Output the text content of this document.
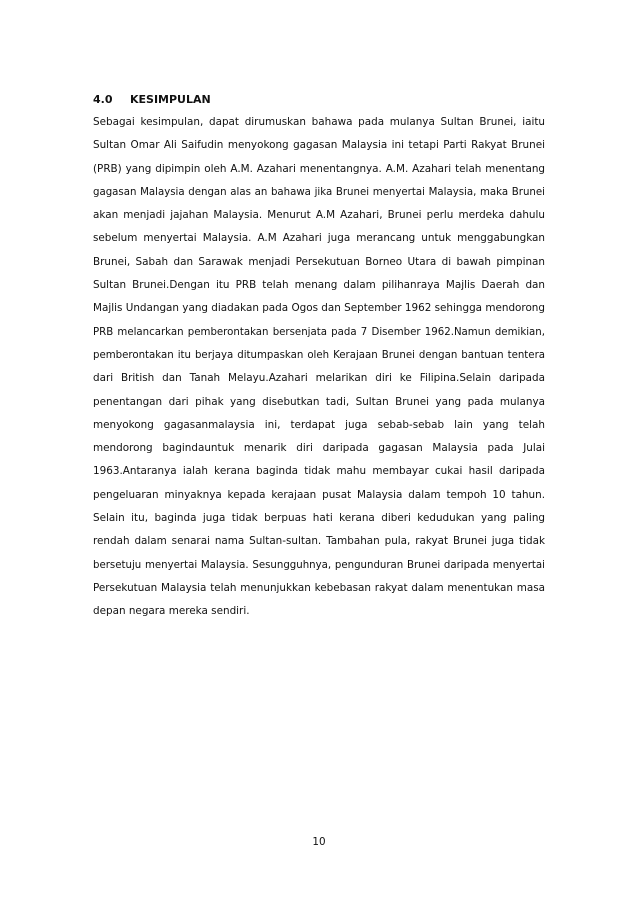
4.0 KESIMPULAN
Sebagai kesimpulan, dapat dirumuskan bahawa pada mulanya Sultan Brunei, iaitu
Sultan Omar Ali Saifudin menyokong gagasan Malaysia ini tetapi Parti Rakyat Brunei
(PRB) yang dipimpin oleh A.M. Azahari menentangnya. A.M. Azahari telah menentang
gagasan Malaysia dengan alas an bahawa jika Brunei menyertai Malaysia, maka Brunei
akan menjadi jajahan Malaysia. Menurut A.M Azahari, Brunei perlu merdeka dahulu
sebelum menyertai Malaysia. A.M Azahari juga merancang untuk menggabungkan
Brunei, Sabah dan Sarawak menjadi Persekutuan Borneo Utara di bawah pimpinan
Sultan Brunei.Dengan itu PRB telah menang dalam pilihanraya Majlis Daerah dan
Majlis Undangan yang diadakan pada Ogos dan September 1962 sehingga mendorong
PRB melancarkan pemberontakan bersenjata pada 7 Disember 1962.Namun demikian,
pemberontakan itu berjaya ditumpaskan oleh Kerajaan Brunei dengan bantuan tentera
dari British dan Tanah Melayu.Azahari melarikan diri ke Filipina.Selain daripada
penentangan dari pihak yang disebutkan tadi, Sultan Brunei yang pada mulanya
menyokong gagasanmalaysia ini, terdapat juga sebab-sebab lain yang telah
mendorong bagindauntuk menarik diri daripada gagasan Malaysia pada Julai
1963.Antaranya ialah kerana baginda tidak mahu membayar cukai hasil daripada
pengeluaran minyaknya kepada kerajaan pusat Malaysia dalam tempoh 10 tahun.
Selain itu, baginda juga tidak berpuas hati kerana diberi kedudukan yang paling
rendah dalam senarai nama Sultan-sultan. Tambahan pula, rakyat Brunei juga tidak
bersetuju menyertai Malaysia. Sesungguhnya, pengunduran Brunei daripada menyertai
Persekutuan Malaysia telah menunjukkan kebebasan rakyat dalam menentukan masa
depan negara mereka sendiri.
10
